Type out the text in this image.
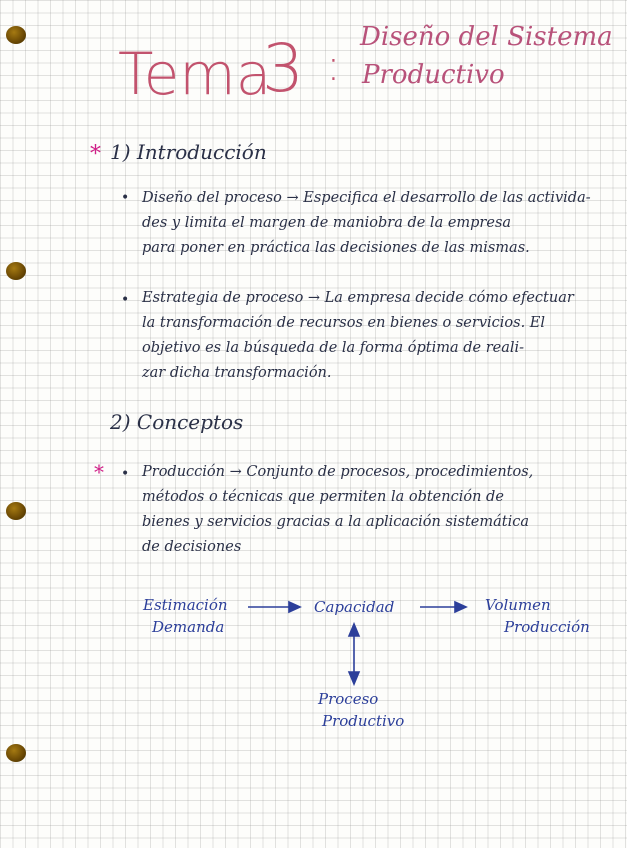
Tema
3 :
Diseño del Sistema
Productivo
* 1) Introducción
• Diseño del proceso → Especifica el desarrollo de las activida-
des y limita el margen de maniobra de la empresa
para poner en práctica las decisiones de las mismas.
• Estrategia de proceso → La empresa decide cómo efectuar
la transformación de recursos en bienes o servicios. El
objetivo es la búsqueda de la forma óptima de reali-
zar dicha transformación.
2) Conceptos
* • Producción → Conjunto de procesos, procedimientos,
métodos o técnicas que permiten la obtención de
bienes y servicios gracias a la aplicación sistemática
de decisiones
Estimación
Demanda
Capacidad	Volumen
Producción
Proceso
Productivo
